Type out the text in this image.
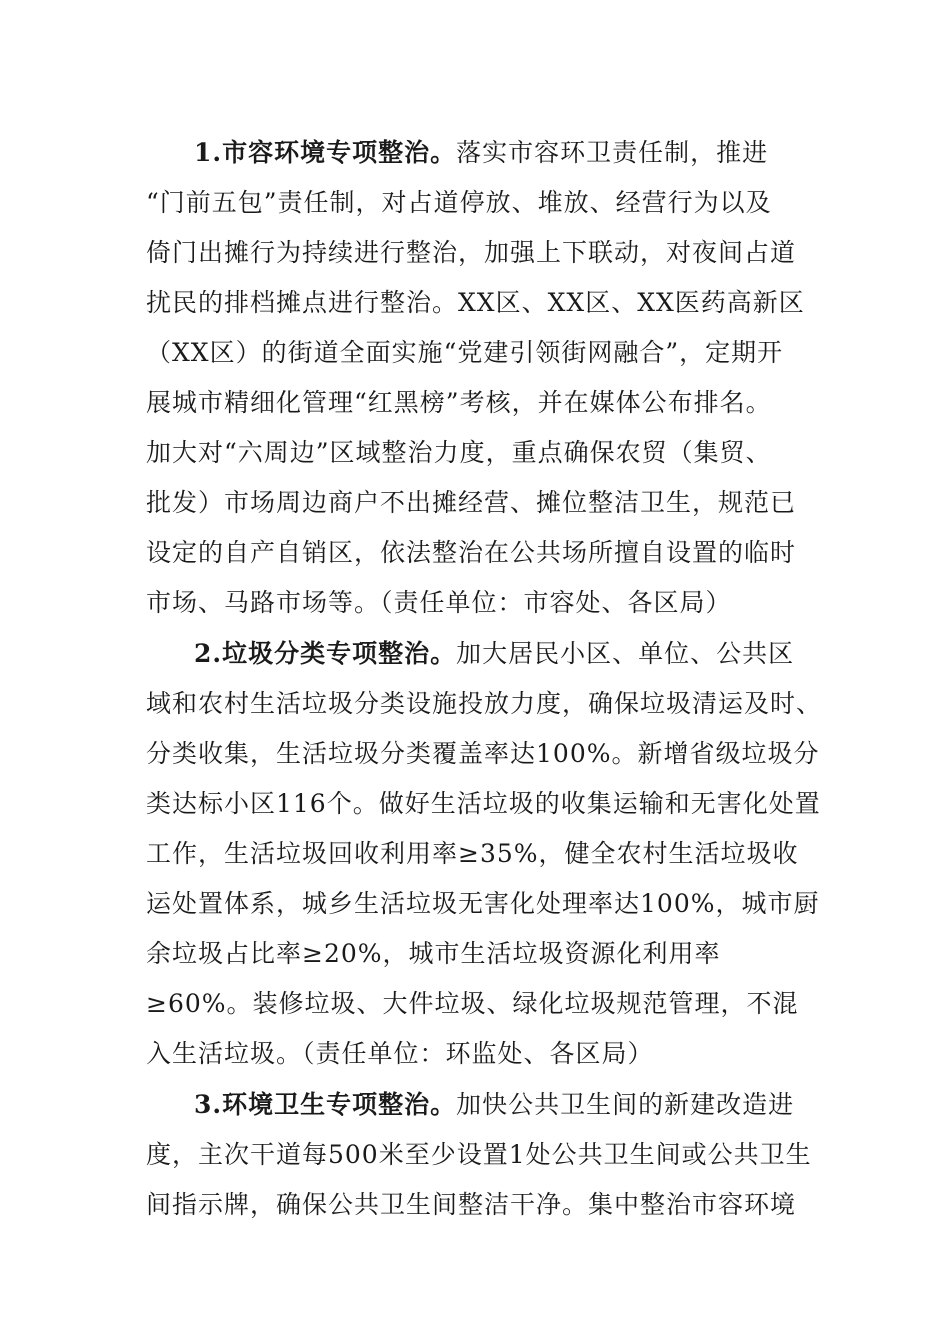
1.市容环境专项整治。落实市容环卫责任制，推进
“门前五包”责任制，对占道停放、堆放、经营行为以及
倚门出摊行为持续进行整治，加强上下联动，对夜间占道
扰民的排档摊点进行整治。XX区、XX区、XX医药高新区
（XX区）的街道全面实施“党建引领街网融合”，定期开
展城市精细化管理“红黑榜”考核，并在媒体公布排名。
加大对“六周边”区域整治力度，重点确保农贸（集贸、
批发）市场周边商户不出摊经营、摊位整洁卫生，规范已
设定的自产自销区，依法整治在公共场所擅自设置的临时
市场、马路市场等。（责任单位：市容处、各区局）
2.垃圾分类专项整治。加大居民小区、单位、公共区
域和农村生活垃圾分类设施投放力度，确保垃圾清运及时、
分类收集，生活垃圾分类覆盖率达100%。新增省级垃圾分
类达标小区116个。做好生活垃圾的收集运输和无害化处置
工作，生活垃圾回收利用率≥35%，健全农村生活垃圾收
运处置体系，城乡生活垃圾无害化处理率达100%，城市厨
余垃圾占比率≥20%，城市生活垃圾资源化利用率
≥60%。装修垃圾、大件垃圾、绿化垃圾规范管理，不混
入生活垃圾。（责任单位：环监处、各区局）
3.环境卫生专项整治。加快公共卫生间的新建改造进
度，主次干道每500米至少设置1处公共卫生间或公共卫生
间指示牌，确保公共卫生间整洁干净。集中整治市容环境
